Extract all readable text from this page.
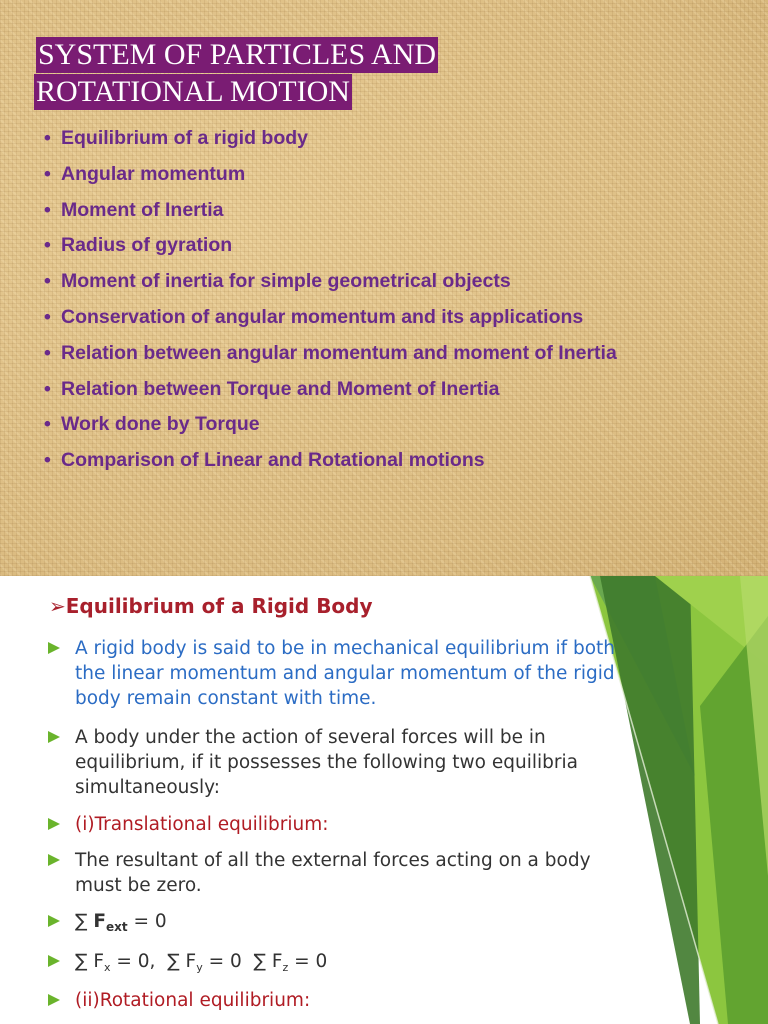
SYSTEM OF PARTICLES AND
ROTATIONAL MOTION
• Equilibrium of a rigid body
• Angular momentum
• Moment of Inertia
• Radius of gyration
• Moment of inertia for simple geometrical objects
• Conservation of angular momentum and its applications
• Relation between angular momentum and moment of Inertia
• Relation between Torque and Moment of Inertia
• Work done by Torque
• Comparison of Linear and Rotational motions
➢Equilibrium of a Rigid Body
A rigid body is said to be in mechanical equilibrium if both
the linear momentum and angular momentum of the rigid
body remain constant with time.
A body under the action of several forces will be in
equilibrium, if it possesses the following two equilibria
simultaneously:
(i)Translational equilibrium:
The resultant of all the external forces acting on a body
must be zero.
∑ $F_{ext} = 0$
∑ $F_x = 0$,  ∑ $F_y = 0$  ∑ $F_z = 0$
(ii)Rotational equilibrium:
